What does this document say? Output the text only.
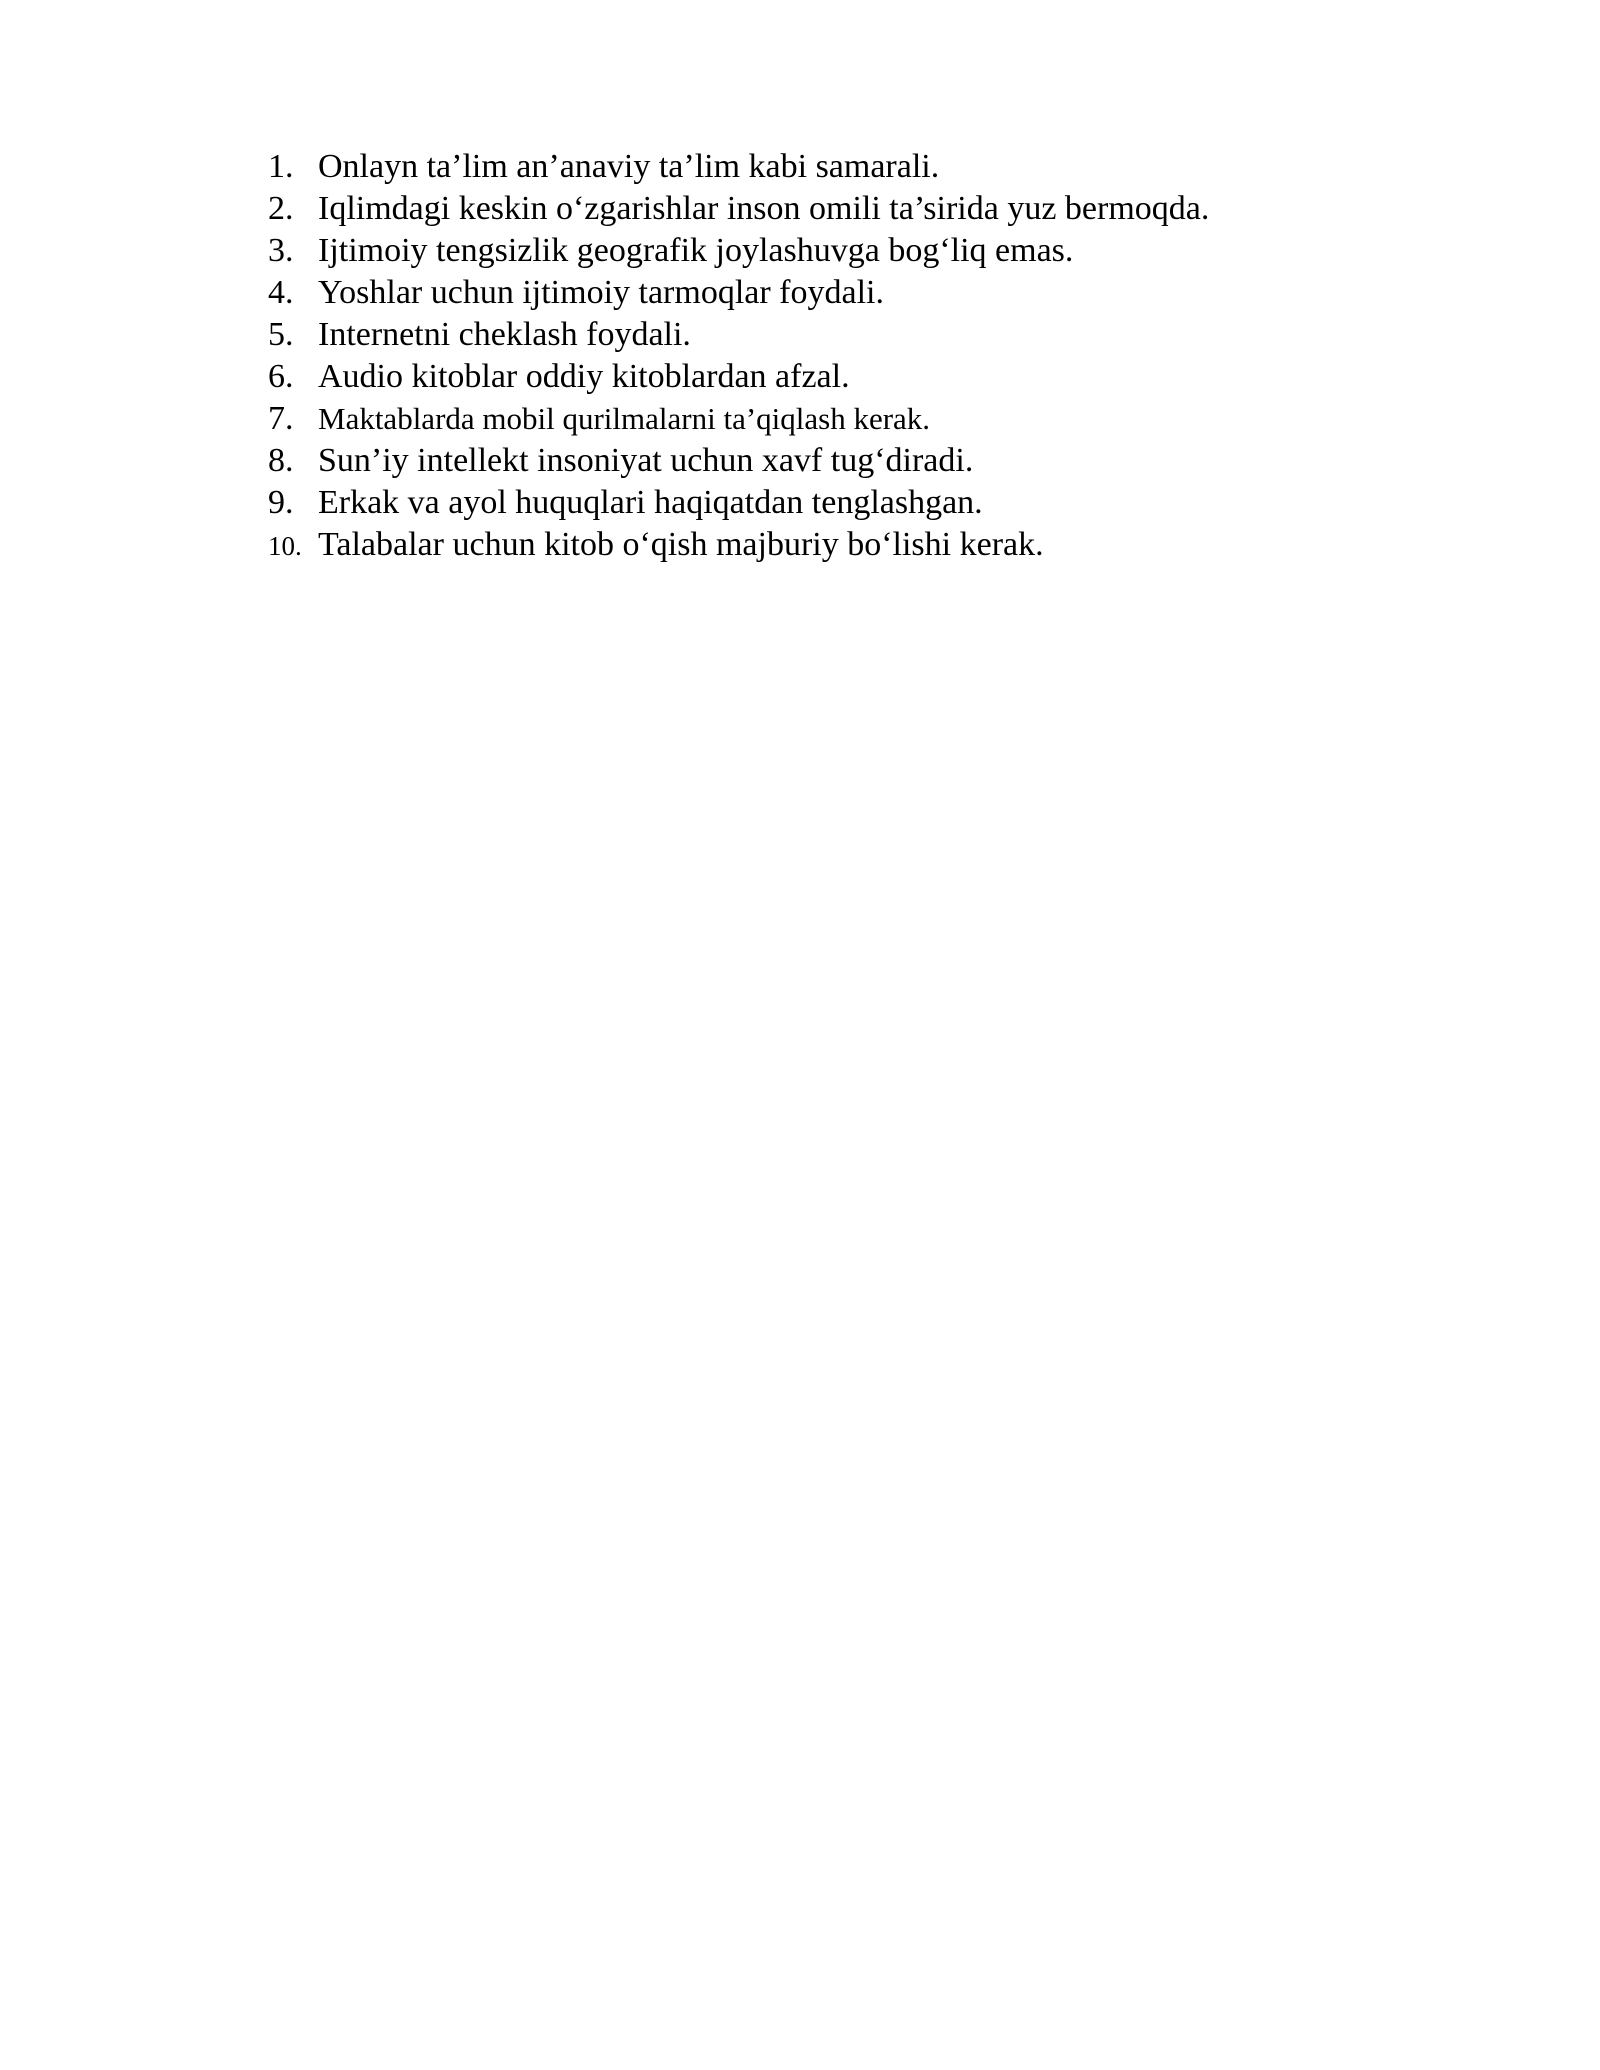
1. Onlayn ta’lim an’anaviy ta’lim kabi samarali.
2. Iqlimdagi keskin o‘zgarishlar inson omili ta’sirida yuz bermoqda.
3. Ijtimoiy tengsizlik geografik joylashuvga bog‘liq emas.
4. Yoshlar uchun ijtimoiy tarmoqlar foydali.
5. Internetni cheklash foydali.
6. Audio kitoblar oddiy kitoblardan afzal.
7. Maktablarda mobil qurilmalarni ta’qiqlash kerak.
8. Sun’iy intellekt insoniyat uchun xavf tug‘diradi.
9. Erkak va ayol huquqlari haqiqatdan tenglashgan.
10. Talabalar uchun kitob o‘qish majburiy bo‘lishi kerak.
